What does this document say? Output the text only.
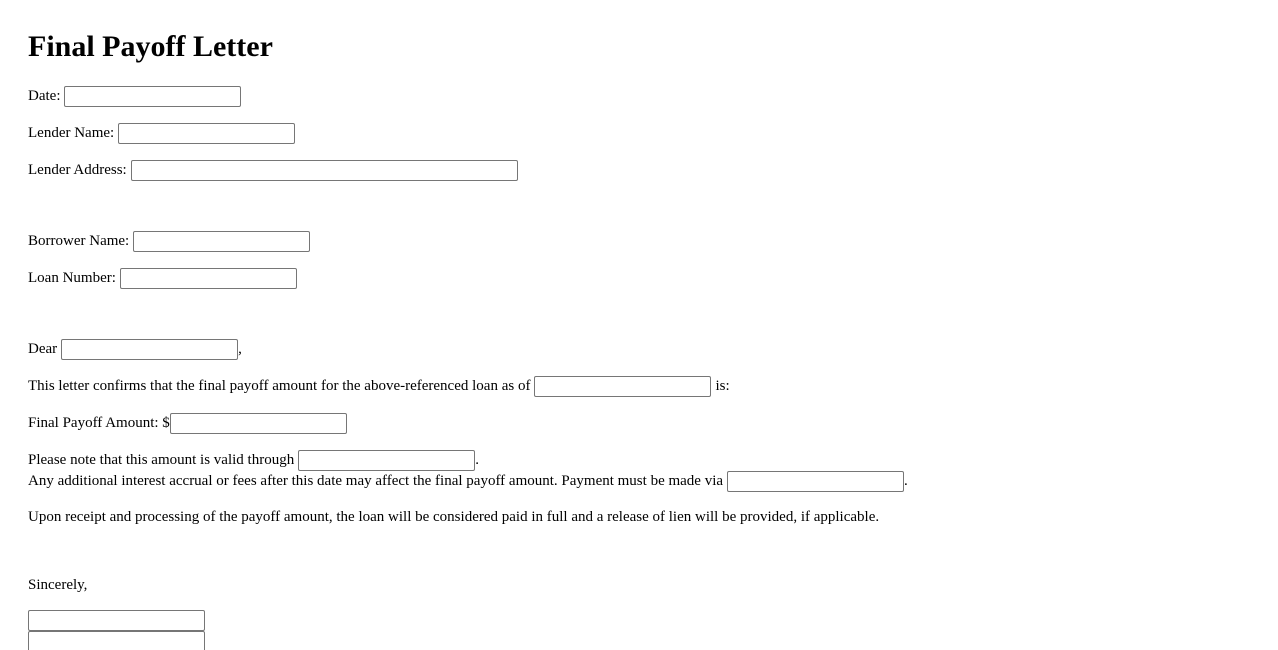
Final Payoff Letter
Date:
Lender Name:
Lender Address:
Borrower Name:
Loan Number:
Dear	,
This letter confirms that the final payoff amount for the above-referenced loan as of	is:
Final Payoff Amount: $
Please note that this amount is valid through	.
Any additional interest accrual or fees after this date may affect the final payoff amount. Payment must be made via	.
Upon receipt and processing of the payoff amount, the loan will be considered paid in full and a release of lien will be provided, if applicable.
Sincerely,
